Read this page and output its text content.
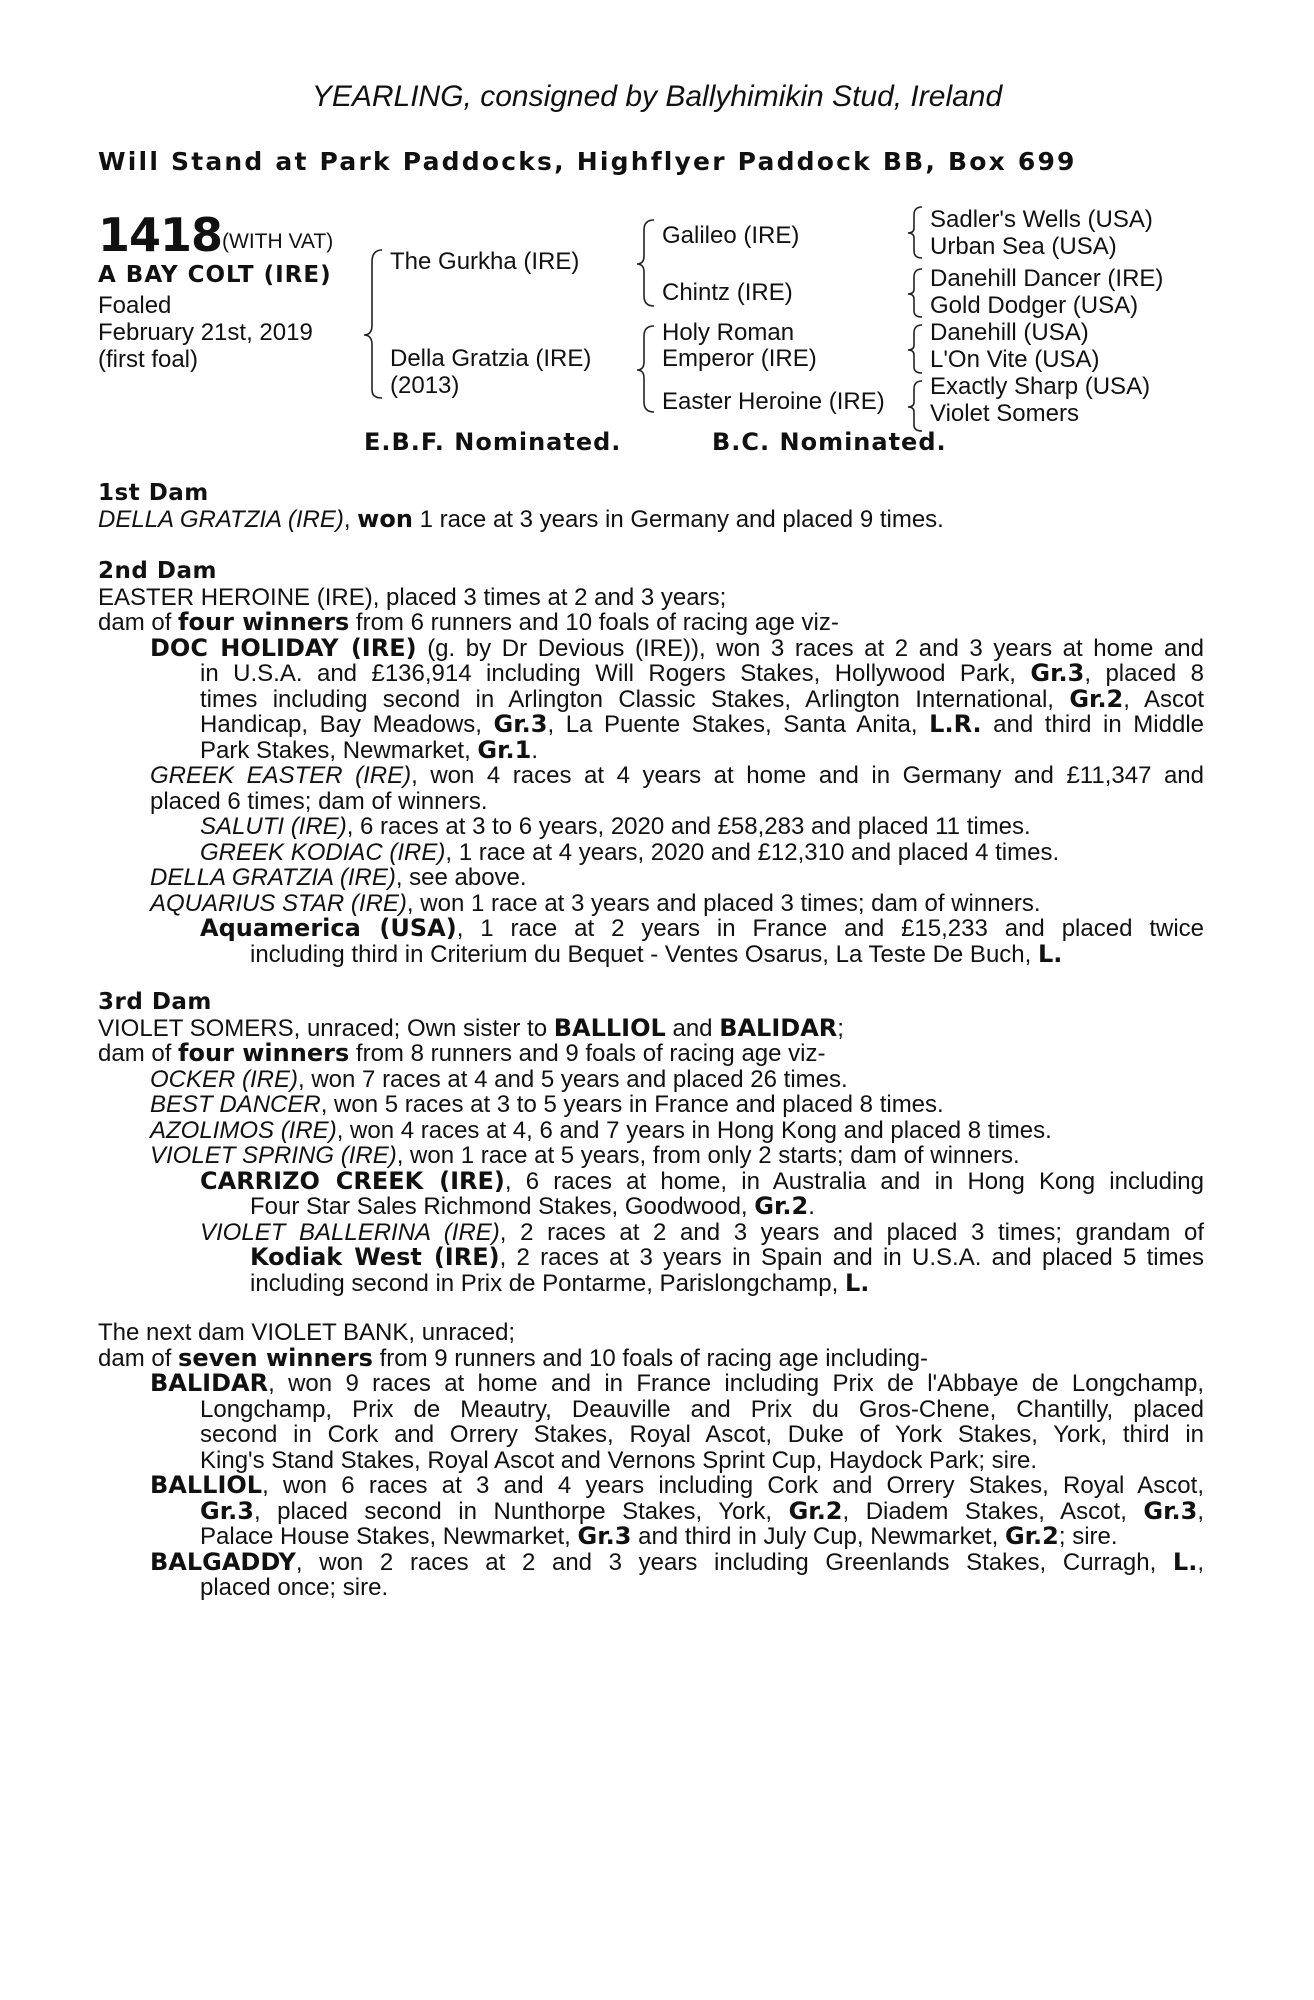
YEARLING, consigned by Ballyhimikin Stud, Ireland
Will Stand at Park Paddocks, Highflyer Paddock BB, Box 699
1418 (WITH VAT)
A BAY COLT (IRE)
Foaled
February 21st, 2019
(first foal)
The Gurkha (IRE)
Della Gratzia (IRE)
(2013)
Galileo (IRE)
Chintz (IRE)
Holy Roman
Emperor (IRE)
Easter Heroine (IRE)
Sadler's Wells (USA)
Urban Sea (USA)
Danehill Dancer (IRE)
Gold Dodger (USA)
Danehill (USA)
L'On Vite (USA)
Exactly Sharp (USA)
Violet Somers
E.B.F. Nominated.	B.C. Nominated.
1st Dam
DELLA GRATZIA (IRE), won 1 race at 3 years in Germany and placed 9 times.
2nd Dam
EASTER HEROINE (IRE), placed 3 times at 2 and 3 years;
dam of four winners from 6 runners and 10 foals of racing age viz-
DOC HOLIDAY (IRE) (g. by Dr Devious (IRE)), won 3 races at 2 and 3 years at home and
in U.S.A. and £136,914 including Will Rogers Stakes, Hollywood Park, Gr.3, placed 8
times including second in Arlington Classic Stakes, Arlington International, Gr.2, Ascot
Handicap, Bay Meadows, Gr.3, La Puente Stakes, Santa Anita, L.R. and third in Middle
Park Stakes, Newmarket, Gr.1.
GREEK EASTER (IRE), won 4 races at 4 years at home and in Germany and £11,347 and
placed 6 times; dam of winners.
SALUTI (IRE), 6 races at 3 to 6 years, 2020 and £58,283 and placed 11 times.
GREEK KODIAC (IRE), 1 race at 4 years, 2020 and £12,310 and placed 4 times.
DELLA GRATZIA (IRE), see above.
AQUARIUS STAR (IRE), won 1 race at 3 years and placed 3 times; dam of winners.
Aquamerica (USA), 1 race at 2 years in France and £15,233 and placed twice
including third in Criterium du Bequet - Ventes Osarus, La Teste De Buch, L.
3rd Dam
VIOLET SOMERS, unraced; Own sister to BALLIOL and BALIDAR;
dam of four winners from 8 runners and 9 foals of racing age viz-
OCKER (IRE), won 7 races at 4 and 5 years and placed 26 times.
BEST DANCER, won 5 races at 3 to 5 years in France and placed 8 times.
AZOLIMOS (IRE), won 4 races at 4, 6 and 7 years in Hong Kong and placed 8 times.
VIOLET SPRING (IRE), won 1 race at 5 years, from only 2 starts; dam of winners.
CARRIZO CREEK (IRE), 6 races at home, in Australia and in Hong Kong including
Four Star Sales Richmond Stakes, Goodwood, Gr.2.
VIOLET BALLERINA (IRE), 2 races at 2 and 3 years and placed 3 times; grandam of
Kodiak West (IRE), 2 races at 3 years in Spain and in U.S.A. and placed 5 times
including second in Prix de Pontarme, Parislongchamp, L.
The next dam VIOLET BANK, unraced;
dam of seven winners from 9 runners and 10 foals of racing age including-
BALIDAR, won 9 races at home and in France including Prix de l'Abbaye de Longchamp,
Longchamp, Prix de Meautry, Deauville and Prix du Gros-Chene, Chantilly, placed
second in Cork and Orrery Stakes, Royal Ascot, Duke of York Stakes, York, third in
King's Stand Stakes, Royal Ascot and Vernons Sprint Cup, Haydock Park; sire.
BALLIOL, won 6 races at 3 and 4 years including Cork and Orrery Stakes, Royal Ascot,
Gr.3, placed second in Nunthorpe Stakes, York, Gr.2, Diadem Stakes, Ascot, Gr.3,
Palace House Stakes, Newmarket, Gr.3 and third in July Cup, Newmarket, Gr.2; sire.
BALGADDY, won 2 races at 2 and 3 years including Greenlands Stakes, Curragh, L.,
placed once; sire.
